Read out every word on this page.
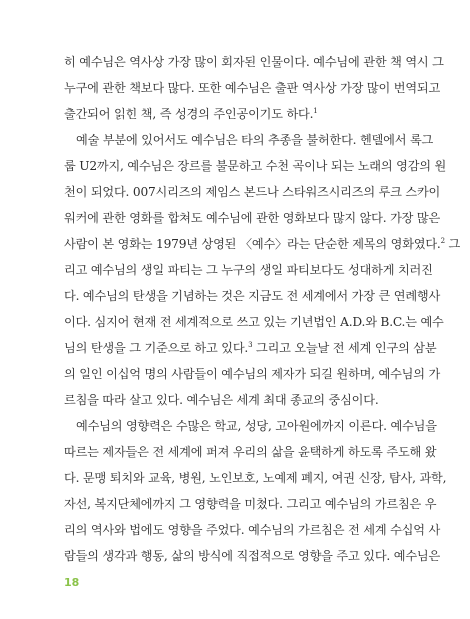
히 예수님은 역사상 가장 많이 회자된 인물이다. 예수님에 관한 책 역시 그
누구에 관한 책보다 많다. 또한 예수님은 출판 역사상 가장 많이 번역되고
출간되어 읽힌 책, 즉 성경의 주인공이기도 하다.$^1$
예술 부분에 있어서도 예수님은 타의 추종을 불허한다. 헨델에서 록그
룹 U2까지, 예수님은 장르를 불문하고 수천 곡이나 되는 노래의 영감의 원
천이 되었다. 007시리즈의 제임스 본드나 스타워즈시리즈의 루크 스카이
워커에 관한 영화를 합쳐도 예수님에 관한 영화보다 많지 않다. 가장 많은
사람이 본 영화는 1979년 상영된 〈예수〉라는 단순한 제목의 영화였다.$^2$ 그
리고 예수님의 생일 파티는 그 누구의 생일 파티보다도 성대하게 치러진
다. 예수님의 탄생을 기념하는 것은 지금도 전 세계에서 가장 큰 연례행사
이다. 심지어 현재 전 세계적으로 쓰고 있는 기년법인 A.D.와 B.C.는 예수
님의 탄생을 그 기준으로 하고 있다.$^3$ 그리고 오늘날 전 세계 인구의 삼분
의 일인 이십억 명의 사람들이 예수님의 제자가 되길 원하며, 예수님의 가
르침을 따라 살고 있다. 예수님은 세계 최대 종교의 중심이다.
예수님의 영향력은 수많은 학교, 성당, 고아원에까지 이른다. 예수님을
따르는 제자들은 전 세계에 퍼져 우리의 삶을 윤택하게 하도록 주도해 왔
다. 문맹 퇴치와 교육, 병원, 노인보호, 노예제 폐지, 여권 신장, 탐사, 과학,
자선, 복지단체에까지 그 영향력을 미쳤다. 그리고 예수님의 가르침은 우
리의 역사와 법에도 영향을 주었다. 예수님의 가르침은 전 세계 수십억 사
람들의 생각과 행동, 삶의 방식에 직접적으로 영향을 주고 있다. 예수님은
18
